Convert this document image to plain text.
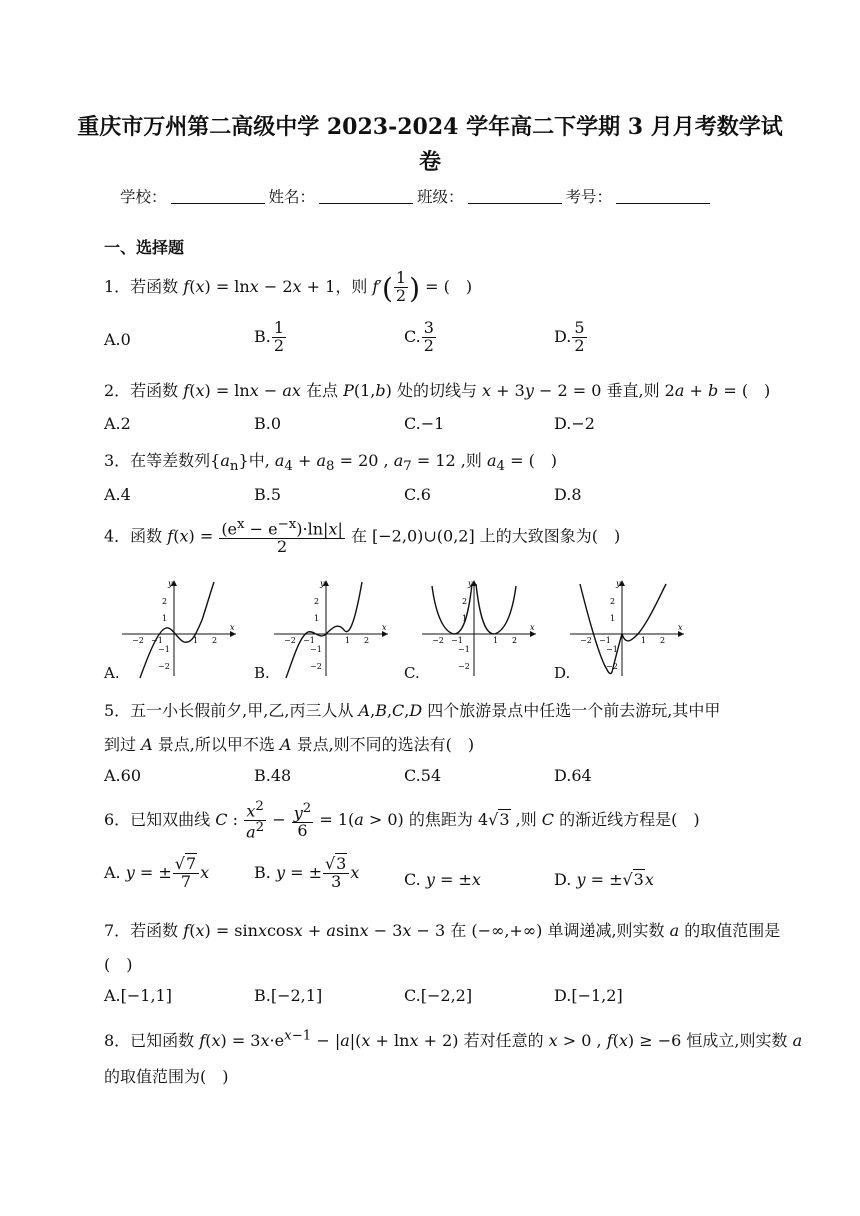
重庆市万州第二高级中学 2023-2024 学年高二下学期 3 月月考数学试
卷
学校：	姓名：	班级：	考号：
一、选择题
1．若函数 f(x) = lnx − 2x + 1，则 $f'( \frac{1}{2}$ ) = (　)
A.0	B. $\frac{1}{2}$	C. $\frac{3}{2}$	D. $\frac{5}{2}$
2．若函数 f(x) = lnx − ax 在点 P(1,b) 处的切线与 x + 3y − 2 = 0 垂直,则 2a + b = (　)
A.2	B.0	C.−1	D.−2
3．在等差数列$\{a_n\}$中, $a_4 + a_8 = 20$ , $a_7 = 12$ ,则 $a_4$ = (　)
A.4	B.5	C.6	D.8
4．函数 $f(x) = \frac{(e^x - e^{-x})\cdot\ln|x|}{2}$ 在 [−2,0)∪(0,2] 上的大致图象为(　)
y
x
2
1
−1
−2
−2 −1	1 2
A.
y
x
2
1
−1
−2
−2 −1	1 2
B.
y
x
2
1
−1
−2
−2 −1	1 2
C.
y
x
2
1
−1
−2
−2 −1	1 2
D.
5．五一小长假前夕,甲,乙,丙三人从 A,B,C,D 四个旅游景点中任选一个前去游玩,其中甲
到过 A 景点,所以甲不选 A 景点,则不同的选法有(　)
A.60	B.48	C.54	D.64
6．已知双曲线 C : $\frac{x^2}{a^2} - \frac{y^2}{6} = 1(a > 0)$ 的焦距为 4√3 ,则 C 的渐近线方程是(　)
A. y = ± $\frac{√7}{7}$ x	B. y = ± $\frac{√3}{3}$ x	C. y = ±x	D. y = ±√3x
7．若函数 f(x) = sinxcosx + asinx − 3x − 3 在 (−∞,+∞) 单调递减,则实数 a 的取值范围是
(　)
A.[−1,1]	B.[−2,1]	C.[−2,2]	D.[−1,2]
8．已知函数 $f(x) = 3x\cdot e^{x-1} - |a|(x + \ln x + 2)$ 若对任意的 x > 0 , f(x) ≥ −6 恒成立,则实数 a
的取值范围为(　)
